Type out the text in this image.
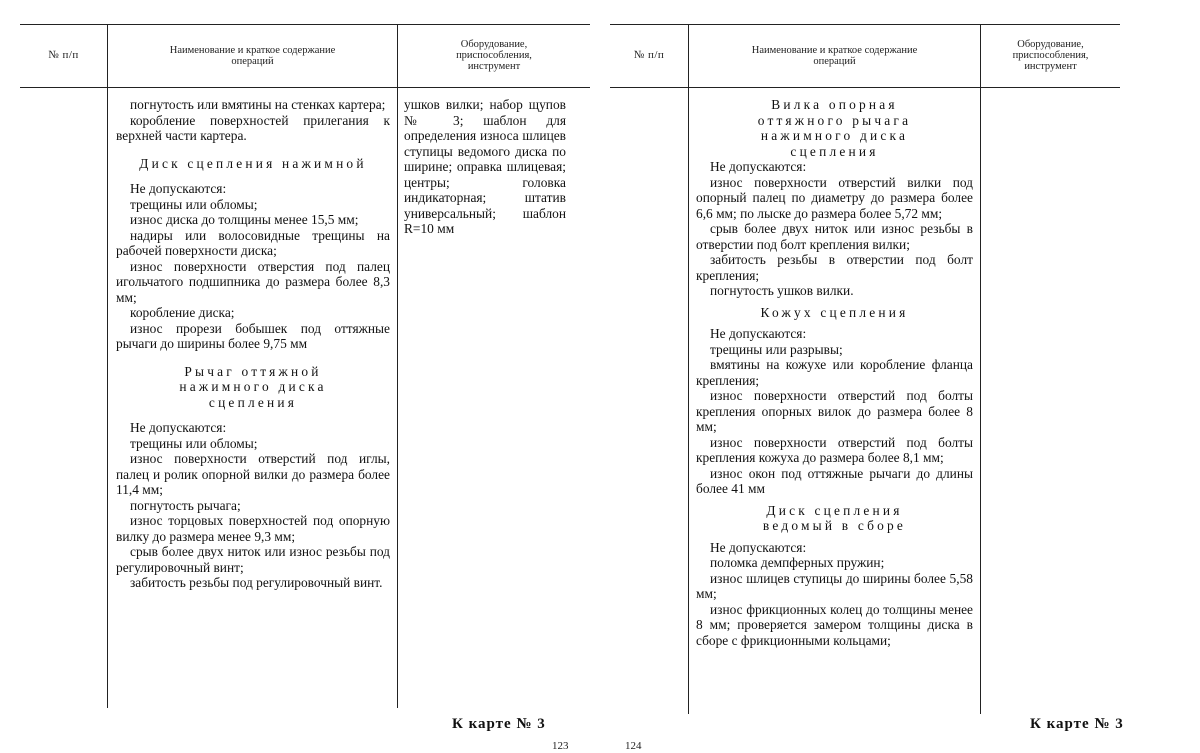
№ п/п	Наименование и краткое содержание
операций
Оборудование,
приспособления,
инструмент

погнутость или вмятины на стенках картера;

коробление поверхностей прилегания к верхней части картера.

Диск сцепления нажимной

Не допускаются:

трещины или обломы;

износ диска до толщины менее 15,5 мм;

надиры или волосовидные трещины на рабочей поверхности диска;

износ поверхности отверстия под палец игольчатого подшипника до размера более 8,3 мм;

коробление диска;

износ прорези бобышек под оттяжные рычаги до ширины более 9,75 мм

Рычаг оттяжной
нажимного диска
сцепления

Не допускаются:

трещины или обломы;

износ поверхности отверстий под иглы, палец и ролик опорной вилки до размера более 11,4 мм;

погнутость рычага;

износ торцовых поверхностей под опорную вилку до размера менее 9,3 мм;

срыв более двух ниток или износ резьбы под регулировочный винт;

забитость резьбы под регулировочный винт.

ушков вилки; набор щупов № 3; шаблон для определения износа шлицев ступицы ведомого диска по ширине; оправка шлицевая; центры; головка индикаторная; штатив универсальный; шаблон R=10 мм

К карте № 3
123
№ п/п	Наименование и краткое содержание
операций
Оборудование,
приспособления,
инструмент

Вилка опорная
оттяжного рычага
нажимного диска
сцепления

Не допускаются:

износ поверхности отверстий вилки под опорный палец по диаметру до размера более 6,6 мм; по лыске до размера более 5,72 мм;

срыв более двух ниток или износ резьбы в отверстии под болт крепления вилки;

забитость резьбы в отверстии под болт крепления;

погнутость ушков вилки.

Кожух сцепления

Не допускаются:

трещины или разрывы;

вмятины на кожухе или коробление фланца крепления;

износ поверхности отверстий под болты крепления опорных вилок до размера более 8 мм;

износ поверхности отверстий под болты крепления кожуха до размера более 8,1 мм;

износ окон под оттяжные рычаги до длины более 41 мм

Диск сцепления
ведомый в сборе

Не допускаются:

поломка демпферных пружин;

износ шлицев ступицы до ширины более 5,58 мм;

износ фрикционных колец до толщины менее 8 мм; проверяется замером толщины диска в сборе с фрикционными кольцами;

К карте № 3
124
